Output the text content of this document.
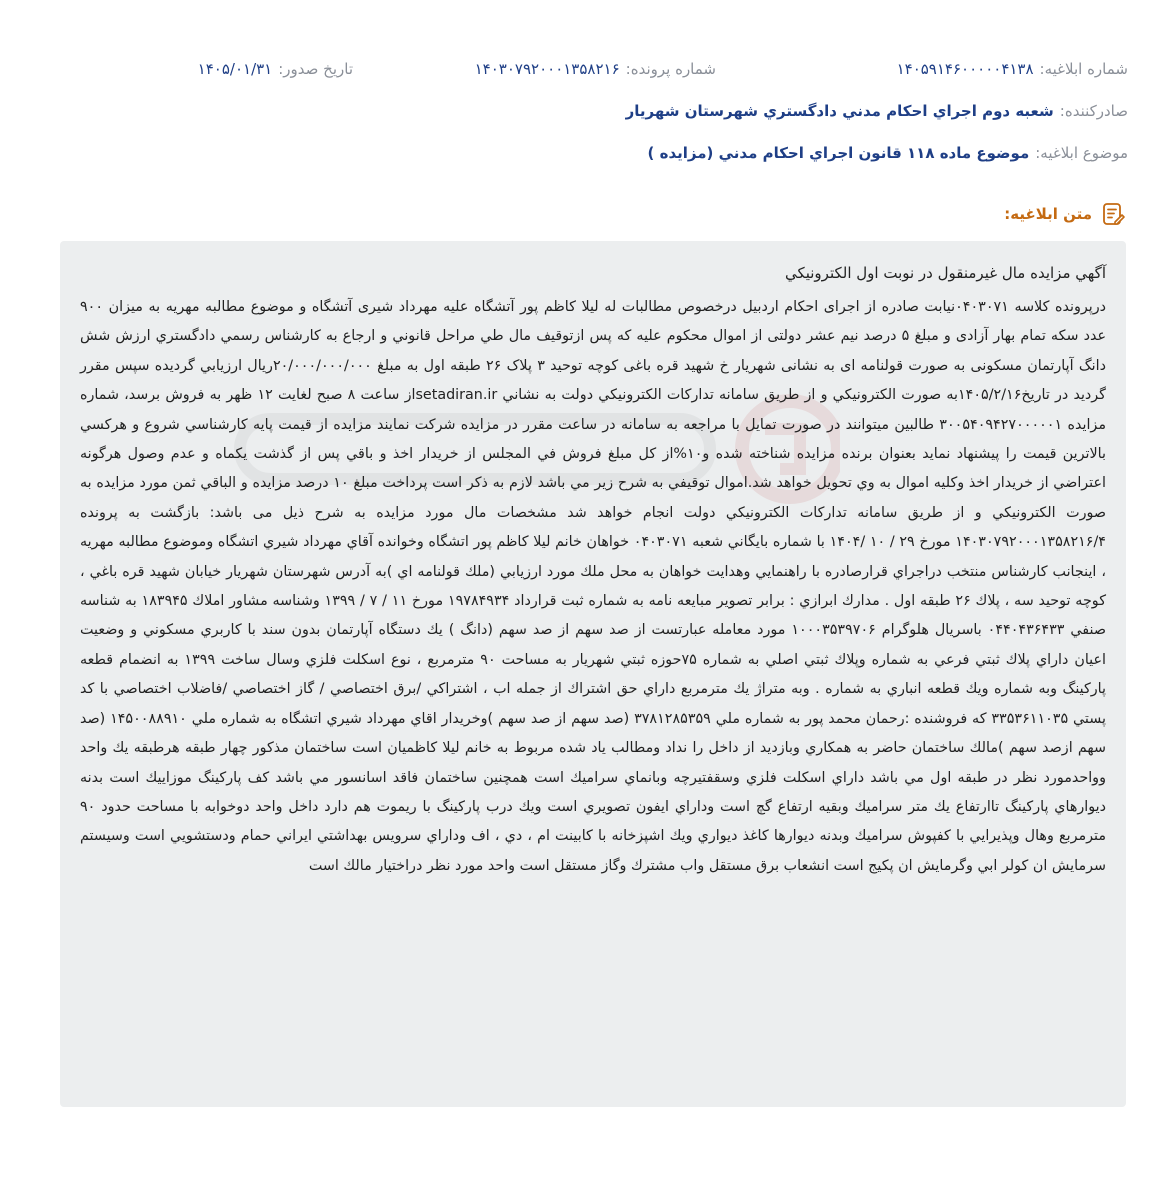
شماره ابلاغیه:
۱۴۰۵۹۱۴۶۰۰۰۰۰۴۱۳۸
شماره پرونده:
۱۴۰۳۰۷۹۲۰۰۰۱۳۵۸۲۱۶
تاریخ صدور:
۱۴۰۵/۰۱/۳۱
صادرکننده:
شعبه دوم اجراي احكام مدني دادگستري شهرستان شهريار
موضوع ابلاغیه:
موضوع ماده ۱۱۸ قانون اجراي احكام مدني (مزايده )
متن ابلاغیه:

آگهي مزايده مال غيرمنقول در نوبت اول الكترونيكي

درپرونده کلاسه ۰۴۰۳۰۷۱نیابت صادره از اجرای احکام اردبیل درخصوص مطالبات له لیلا کاظم پور آتشگاه علیه مهرداد شیری آتشگاه و موضوع مطالبه مهریه به میزان ۹۰۰ عدد سکه تمام بهار آزادی و مبلغ ۵ درصد نیم عشر دولتی از اموال محکوم علیه که پس ازتوقيف مال طي مراحل قانوني و ارجاع به كارشناس رسمي دادگستري ارزش شش دانگ آپارتمان مسکونی به صورت قولنامه ای به نشانی شهریار خ شهید قره باغی کوچه توحید ۳ پلاک ۲۶ طبقه اول به مبلغ ۲۰/۰۰۰/۰۰۰/۰۰۰ريال ارزيابي گرديده سپس مقرر گردید در تاریخ۱۴۰۵/۲/۱۶به صورت الكترونيكي و از طريق سامانه تداركات الكترونيكي دولت به نشاني setadiran.irاز ساعت ۸ صبح لغايت ۱۲ ظهر به فروش برسد، شماره مزايده ۳۰۰۵۴۰۹۴۲۷۰۰۰۰۰۱ طالبين ميتوانند در صورت تمايل با مراجعه به سامانه در ساعت مقرر در مزايده شركت نمايند مزايده از قيمت پايه كارشناسي شروع و هركسي بالاترين قيمت را پيشنهاد نمايد بعنوان برنده مزايده شناخته شده و۱۰%از كل مبلغ فروش في المجلس از خريدار اخذ و باقي پس از گذشت يكماه و عدم وصول هرگونه اعتراضي از خريدار اخذ وكليه اموال به وي تحويل خواهد شد.اموال توقيفي به شرح زير مي باشد لازم به ذكر است پرداخت مبلغ ۱۰ درصد مزايده و الباقي ثمن مورد مزايده به صورت الكترونيكي و از طريق سامانه تداركات الكترونيكي دولت انجام خواهد شد مشخصات مال مورد مزایده به شرح ذیل می باشد: بازگشت به پرونده ۱۴۰۳۰۷۹۲۰۰۰۱۳۵۸۲۱۶/۴ مورخ ۲۹ / ۱۰ /۱۴۰۴ با شماره بايگاني شعبه ۰۴۰۳۰۷۱ خواهان خانم ليلا كاظم پور اتشگاه وخوانده آقاي مهرداد شيري اتشگاه وموضوع مطالبه مهريه ، اينجانب كارشناس منتخب دراجراي قرارصادره با راهنمايي وهدايت خواهان به محل ملك مورد ارزيابي (ملك قولنامه اي )به آدرس شهرستان شهريار خيابان شهيد قره باغي ، كوچه توحيد سه ، پلاك ۲۶ طبقه اول . مدارك ابرازي : برابر تصوير مبايعه نامه به شماره ثبت قرارداد ۱۹۷۸۴۹۳۴ مورخ ۱۱ / ۷ / ۱۳۹۹ وشناسه مشاور املاك ۱۸۳۹۴۵ به شناسه صنفي ۰۴۴۰۴۳۶۴۳۳ باسريال هلوگرام ۱۰۰۰۳۵۳۹۷۰۶ مورد معامله عبارتست از صد سهم از صد سهم (دانگ ) يك دستگاه آپارتمان بدون سند با كاربري مسكوني و وضعيت اعيان داراي پلاك ثبتي فرعي به شماره وپلاك ثبتي اصلي به شماره ۷۵حوزه ثبتي شهريار به مساحت ۹۰ مترمربع ، نوع اسكلت فلزي وسال ساخت ۱۳۹۹ به انضمام قطعه پاركينگ وبه شماره ويك قطعه انباري به شماره . وبه متراژ يك مترمربع داراي حق اشتراك از جمله اب ، اشتراكي /برق اختصاصي / گاز اختصاصي /فاضلاب اختصاصي با كد پستي ۳۳۵۳۶۱۱۰۳۵ كه فروشنده :رحمان محمد پور به شماره ملي ۳۷۸۱۲۸۵۳۵۹ (صد سهم از صد سهم )وخريدار اقاي مهرداد شيري اتشگاه به شماره ملي ۱۴۵۰۰۸۸۹۱۰ (صد سهم ازصد سهم )مالك ساختمان حاضر به همكاري وبازديد از داخل را نداد ومطالب ياد شده مربوط به خانم ليلا كاظميان است ساختمان مذكور چهار طبقه هرطبقه يك واحد وواحدمورد نظر در طبقه اول مي باشد داراي اسكلت فلزي وسقفتيرچه وبانماي سراميك است همچنين ساختمان فاقد اسانسور مي باشد كف پاركينگ موزاييك است بدنه ديوارهاي پاركينگ تاارتفاع يك متر سراميك وبقيه ارتفاع گچ است وداراي ايفون تصويري است ويك درب پاركينگ با ريموت هم دارد داخل واحد دوخوابه با مساحت حدود ۹۰ مترمربع وهال وپذيرايي با كفپوش سراميك وبدنه ديوارها كاغذ ديواري ويك اشپزخانه با كابينت ام ، دي ، اف وداراي سرويس بهداشتي ايراني حمام ودستشويي است وسيستم سرمايش ان كولر ابي وگرمايش ان پكيج است انشعاب برق مستقل واب مشترك وگاز مستقل است واحد مورد نظر دراختيار مالك است
